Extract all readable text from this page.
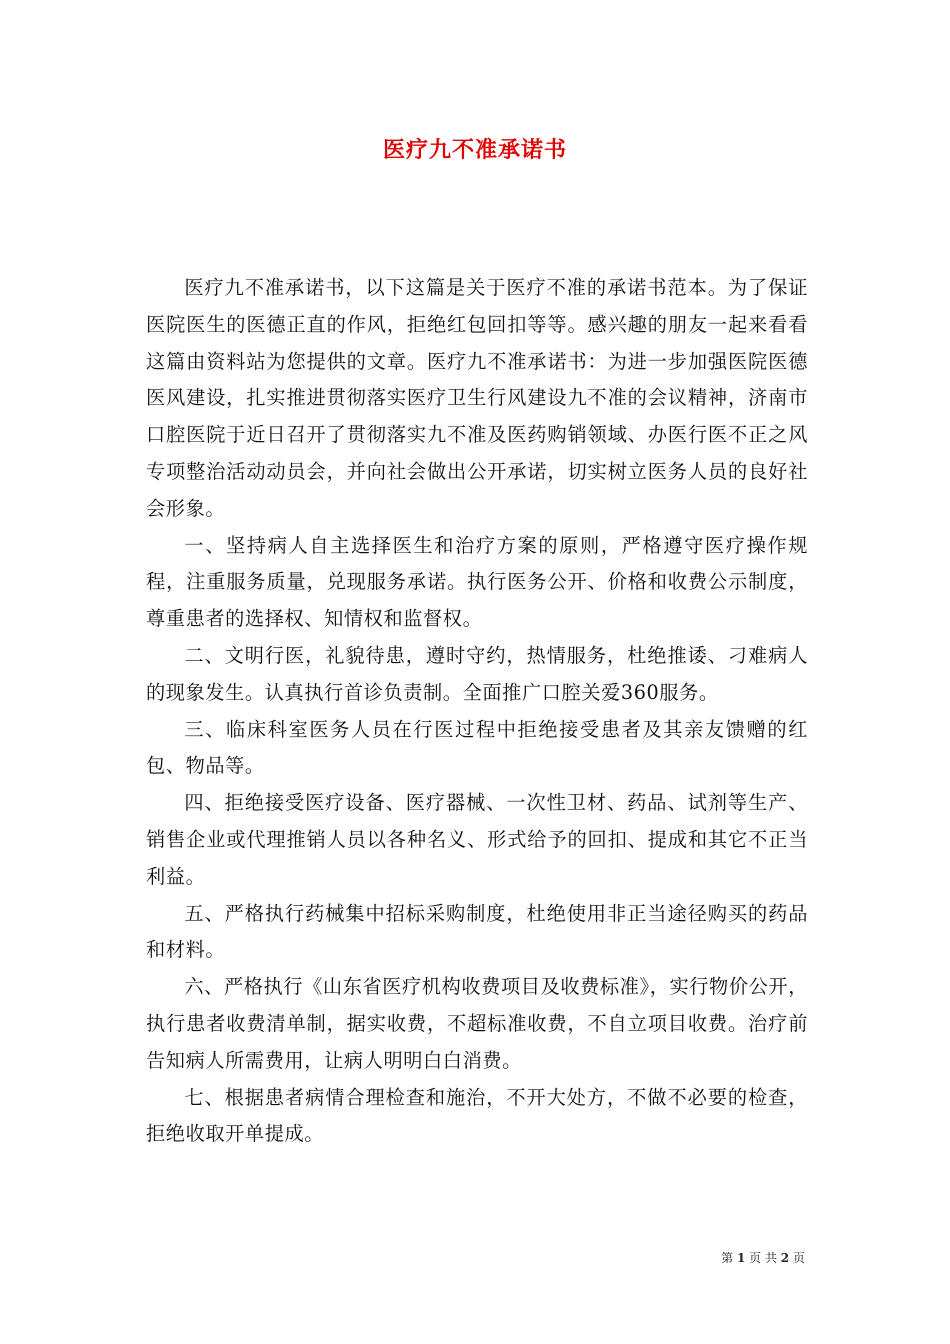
医疗九不准承诺书

医疗九不准承诺书，以下这篇是关于医疗不准的承诺书范本。为了保证医院医生的医德正直的作风，拒绝红包回扣等等。感兴趣的朋友一起来看看这篇由资料站为您提供的文章。医疗九不准承诺书：为进一步加强医院医德医风建设，扎实推进贯彻落实医疗卫生行风建设九不准的会议精神，济南市口腔医院于近日召开了贯彻落实九不准及医药购销领域、办医行医不正之风专项整治活动动员会，并向社会做出公开承诺，切实树立医务人员的良好社会形象。

一、坚持病人自主选择医生和治疗方案的原则，严格遵守医疗操作规程，注重服务质量，兑现服务承诺。执行医务公开、价格和收费公示制度，尊重患者的选择权、知情权和监督权。

二、文明行医，礼貌待患，遵时守约，热情服务，杜绝推诿、刁难病人的现象发生。认真执行首诊负责制。全面推广口腔关爱360服务。

三、临床科室医务人员在行医过程中拒绝接受患者及其亲友馈赠的红包、物品等。

四、拒绝接受医疗设备、医疗器械、一次性卫材、药品、试剂等生产、销售企业或代理推销人员以各种名义、形式给予的回扣、提成和其它不正当利益。

五、严格执行药械集中招标采购制度，杜绝使用非正当途径购买的药品和材料。

六、严格执行《山东省医疗机构收费项目及收费标准》，实行物价公开，执行患者收费清单制，据实收费，不超标准收费，不自立项目收费。治疗前告知病人所需费用，让病人明明白白消费。

七、根据患者病情合理检查和施治，不开大处方，不做不必要的检查，拒绝收取开单提成。

第 1 页 共 2 页
